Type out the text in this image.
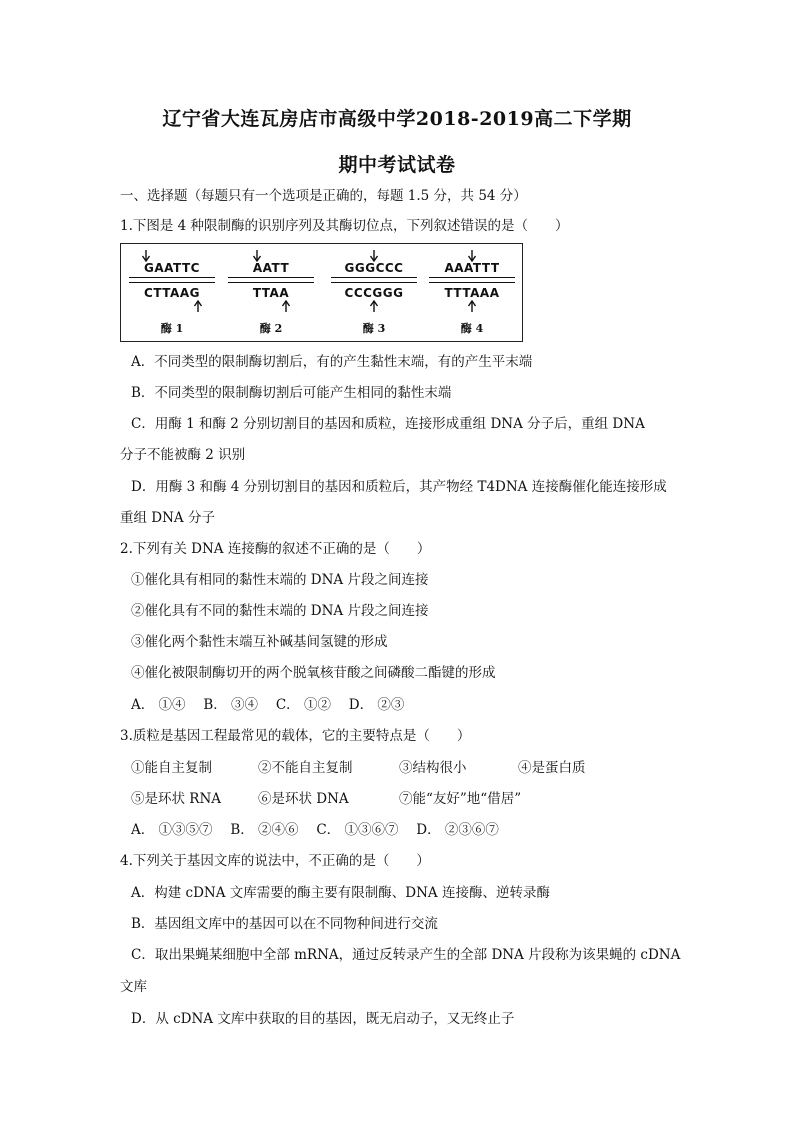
辽宁省大连瓦房店市高级中学2018-2019高二下学期
期中考试试卷
一、选择题（每题只有一个选项是正确的，每题 1.5 分，共 54 分）
1.下图是 4 种限制酶的识别序列及其酶切位点，下列叙述错误的是（　　）
GAATTC
CTTAAG
酶 1
AATT
TTAA
酶 2
GGGCCC
CCCGGG
酶 3
AAATTT
TTTAAA
酶 4
A．不同类型的限制酶切割后，有的产生黏性末端，有的产生平末端
B．不同类型的限制酶切割后可能产生相同的黏性末端
C．用酶 1 和酶 2 分别切割目的基因和质粒，连接形成重组 DNA 分子后，重组 DNA
分子不能被酶 2 识别
D．用酶 3 和酶 4 分别切割目的基因和质粒后，其产物经 T4DNA 连接酶催化能连接形成
重组 DNA 分子
2.下列有关 DNA 连接酶的叙述不正确的是（　　）
①催化具有相同的黏性末端的 DNA 片段之间连接
②催化具有不同的黏性末端的 DNA 片段之间连接
③催化两个黏性末端互补碱基间氢键的形成
④催化被限制酶切开的两个脱氧核苷酸之间磷酸二酯键的形成
A． ①④　 B． ③④　 C． ①②　 D． ②③
3.质粒是基因工程最常见的载体，它的主要特点是（　　）
①能自主复制	②不能自主复制	③结构很小	④是蛋白质
⑤是环状 RNA	⑥是环状 DNA	⑦能“友好”地“借居”
A． ①③⑤⑦　 B． ②④⑥　 C． ①③⑥⑦　 D． ②③⑥⑦
4.下列关于基因文库的说法中，不正确的是（　　）
A．构建 cDNA 文库需要的酶主要有限制酶、DNA 连接酶、逆转录酶
B．基因组文库中的基因可以在不同物种间进行交流
C．取出果蝇某细胞中全部 mRNA，通过反转录产生的全部 DNA 片段称为该果蝇的 cDNA
文库
D．从 cDNA 文库中获取的目的基因，既无启动子，又无终止子
